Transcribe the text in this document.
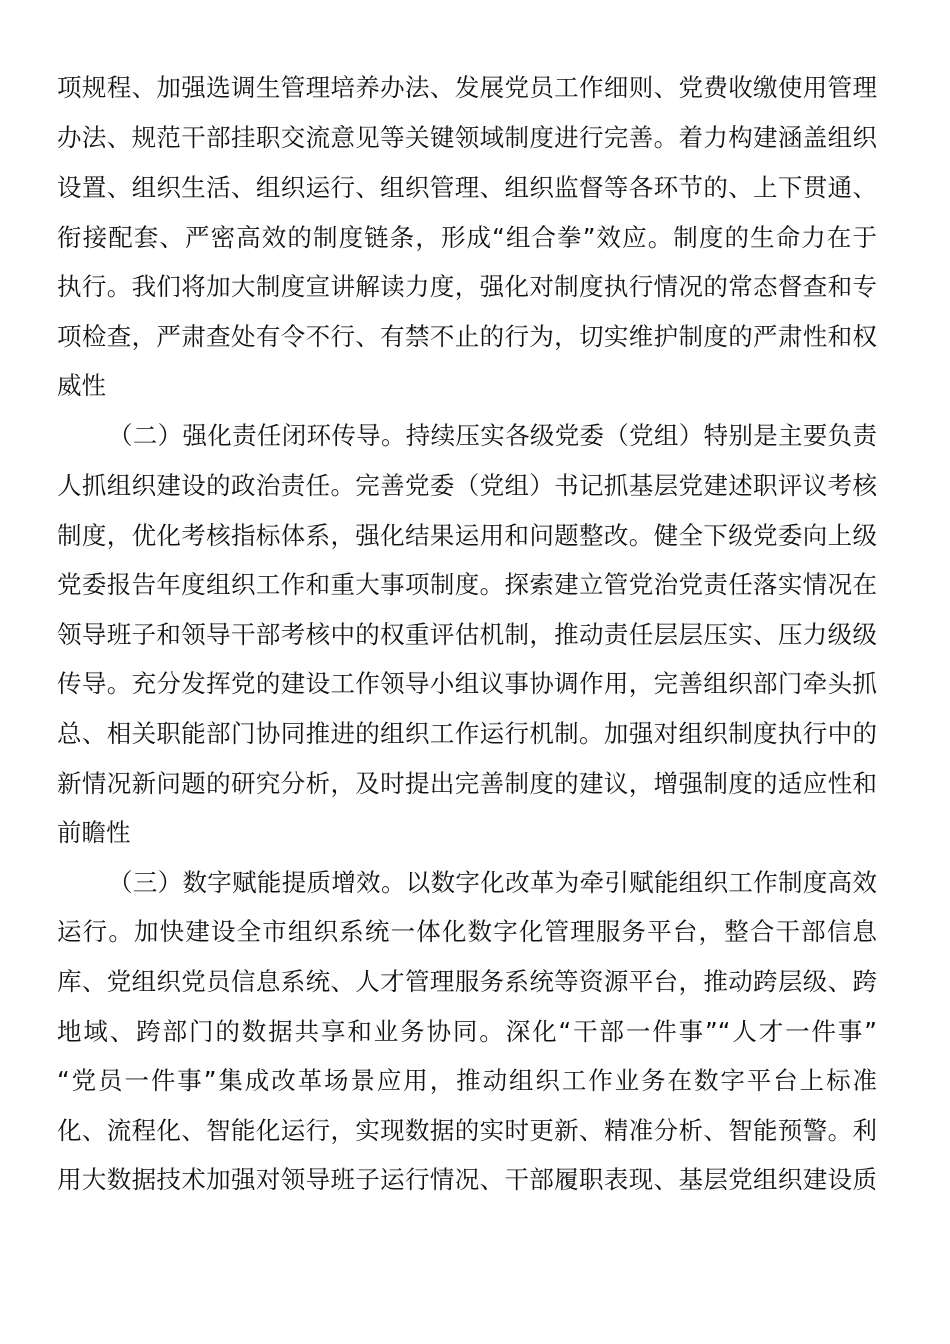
项规程、加强选调生管理培养办法、发展党员工作细则、党费收缴使用管理
办法、规范干部挂职交流意见等关键领域制度进行完善。着力构建涵盖组织
设置、组织生活、组织运行、组织管理、组织监督等各环节的、上下贯通、
衔接配套、严密高效的制度链条，形成“组合拳”效应。制度的生命力在于
执行。我们将加大制度宣讲解读力度，强化对制度执行情况的常态督查和专
项检查，严肃查处有令不行、有禁不止的行为，切实维护制度的严肃性和权
威性
（二）强化责任闭环传导。持续压实各级党委（党组）特别是主要负责
人抓组织建设的政治责任。完善党委（党组）书记抓基层党建述职评议考核
制度，优化考核指标体系，强化结果运用和问题整改。健全下级党委向上级
党委报告年度组织工作和重大事项制度。探索建立管党治党责任落实情况在
领导班子和领导干部考核中的权重评估机制，推动责任层层压实、压力级级
传导。充分发挥党的建设工作领导小组议事协调作用，完善组织部门牵头抓
总、相关职能部门协同推进的组织工作运行机制。加强对组织制度执行中的
新情况新问题的研究分析，及时提出完善制度的建议，增强制度的适应性和
前瞻性
（三）数字赋能提质增效。以数字化改革为牵引赋能组织工作制度高效
运行。加快建设全市组织系统一体化数字化管理服务平台，整合干部信息
库、党组织党员信息系统、人才管理服务系统等资源平台，推动跨层级、跨
地域、跨部门的数据共享和业务协同。深化“干部一件事”“人才一件事”
“党员一件事”集成改革场景应用，推动组织工作业务在数字平台上标准
化、流程化、智能化运行，实现数据的实时更新、精准分析、智能预警。利
用大数据技术加强对领导班子运行情况、干部履职表现、基层党组织建设质
